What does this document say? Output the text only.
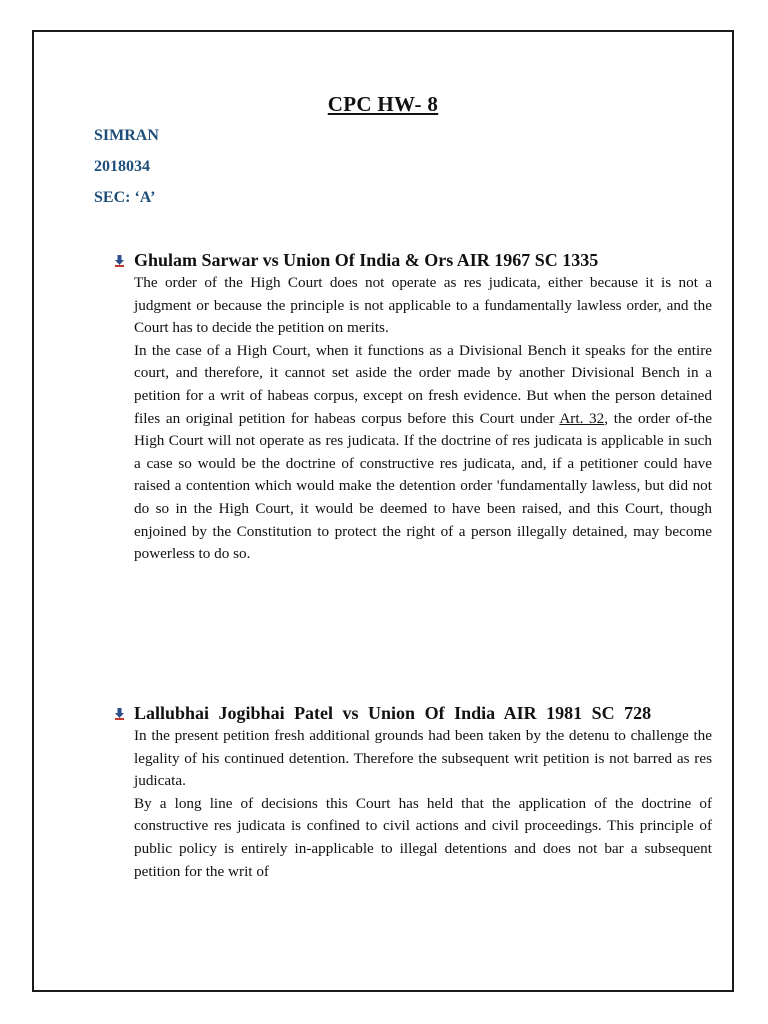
CPC HW- 8
SIMRAN
2018034
SEC: ‘A’
Ghulam Sarwar vs Union Of India & Ors AIR 1967 SC 1335

The order of the High Court does not operate as res judicata, either because it is not a judgment or because the principle is not applicable to a fundamentally lawless order, and the Court has to decide the petition on merits.

In the case of a High Court, when it functions as a Divisional Bench it speaks for the entire court, and therefore, it cannot set aside the order made by another Divisional Bench in a petition for a writ of habeas corpus, except on fresh evidence. But when the person detained files an original petition for habeas corpus before this Court under Art. 32, the order of-the High Court will not operate as res judicata. If the doctrine of res judicata is applicable in such a case so would be the doctrine of constructive res judicata, and, if a petitioner could have raised a contention which would make the detention order 'fundamentally lawless, but did not do so in the High Court, it would be deemed to have been raised, and this Court, though enjoined by the Constitution to protect the right of a person illegally detained, may become powerless to do so.

Lallubhai Jogibhai Patel vs Union Of India AIR 1981 SC 728

In the present petition fresh additional grounds had been taken by the detenu to challenge the legality of his continued detention. Therefore the subsequent writ petition is not barred as res judicata.

By a long line of decisions this Court has held that the application of the doctrine of constructive res judicata is confined to civil actions and civil proceedings. This principle of public policy is entirely in-applicable to illegal detentions and does not bar a subsequent petition for the writ of
